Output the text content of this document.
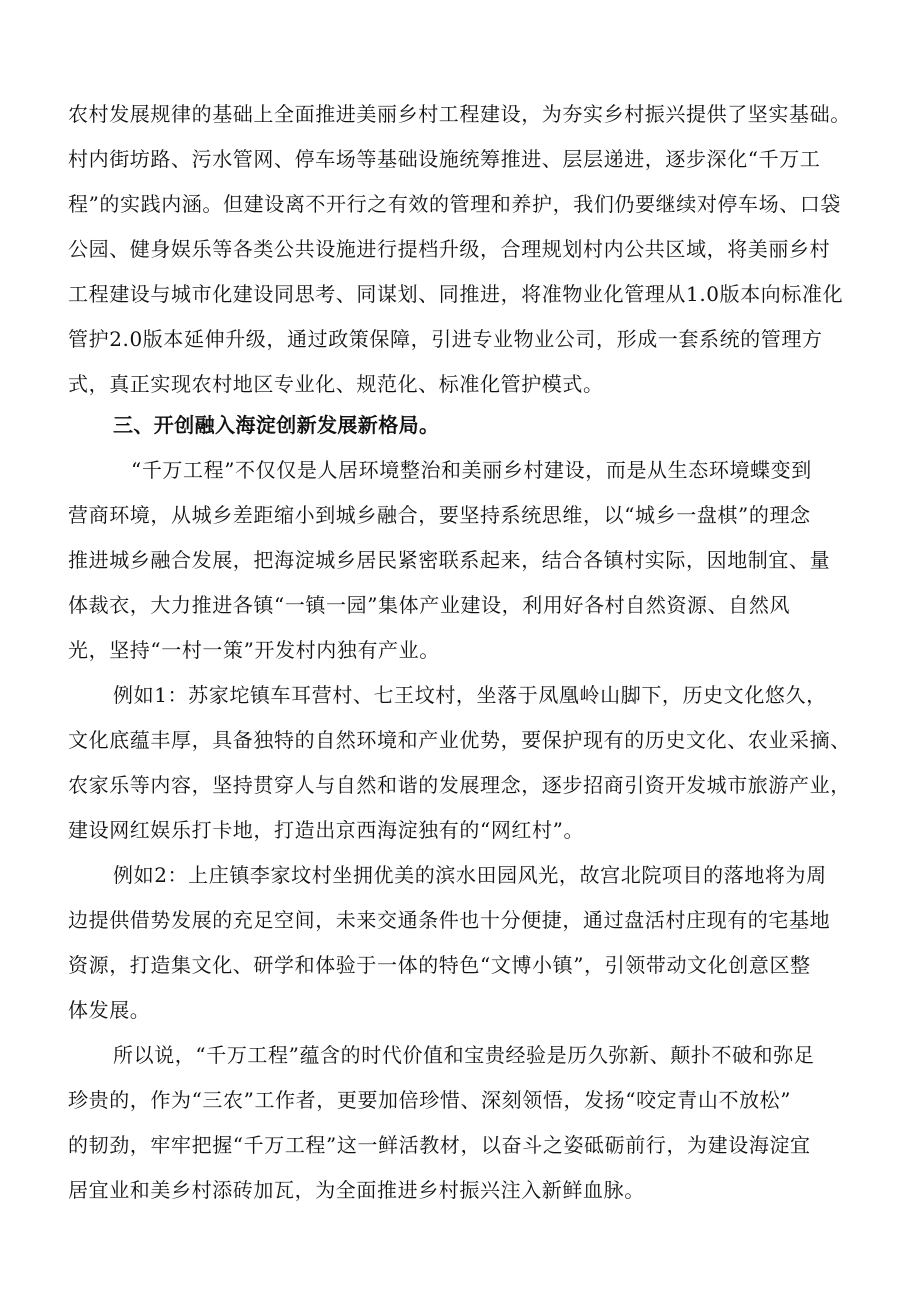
农村发展规律的基础上全面推进美丽乡村工程建设，为夯实乡村振兴提供了坚实基础。
村内街坊路、污水管网、停车场等基础设施统筹推进、层层递进，逐步深化“千万工
程”的实践内涵。但建设离不开行之有效的管理和养护，我们仍要继续对停车场、口袋
公园、健身娱乐等各类公共设施进行提档升级，合理规划村内公共区域，将美丽乡村
工程建设与城市化建设同思考、同谋划、同推进，将准物业化管理从1.0版本向标准化
管护2.0版本延伸升级，通过政策保障，引进专业物业公司，形成一套系统的管理方
式，真正实现农村地区专业化、规范化、标准化管护模式。
三、开创融入海淀创新发展新格局。
“千万工程”不仅仅是人居环境整治和美丽乡村建设，而是从生态环境蝶变到
营商环境，从城乡差距缩小到城乡融合，要坚持系统思维，以“城乡一盘棋”的理念
推进城乡融合发展，把海淀城乡居民紧密联系起来，结合各镇村实际，因地制宜、量
体裁衣，大力推进各镇“一镇一园”集体产业建设，利用好各村自然资源、自然风
光，坚持“一村一策”开发村内独有产业。
例如1：苏家坨镇车耳营村、七王坟村，坐落于凤凰岭山脚下，历史文化悠久，
文化底蕴丰厚，具备独特的自然环境和产业优势，要保护现有的历史文化、农业采摘、
农家乐等内容，坚持贯穿人与自然和谐的发展理念，逐步招商引资开发城市旅游产业，
建设网红娱乐打卡地，打造出京西海淀独有的“网红村”。
例如2：上庄镇李家坟村坐拥优美的滨水田园风光，故宫北院项目的落地将为周
边提供借势发展的充足空间，未来交通条件也十分便捷，通过盘活村庄现有的宅基地
资源，打造集文化、研学和体验于一体的特色“文博小镇”，引领带动文化创意区整
体发展。
所以说，“千万工程”蕴含的时代价值和宝贵经验是历久弥新、颠扑不破和弥足
珍贵的，作为“三农”工作者，更要加倍珍惜、深刻领悟，发扬“咬定青山不放松”
的韧劲，牢牢把握“千万工程”这一鲜活教材，以奋斗之姿砥砺前行，为建设海淀宜
居宜业和美乡村添砖加瓦，为全面推进乡村振兴注入新鲜血脉。
